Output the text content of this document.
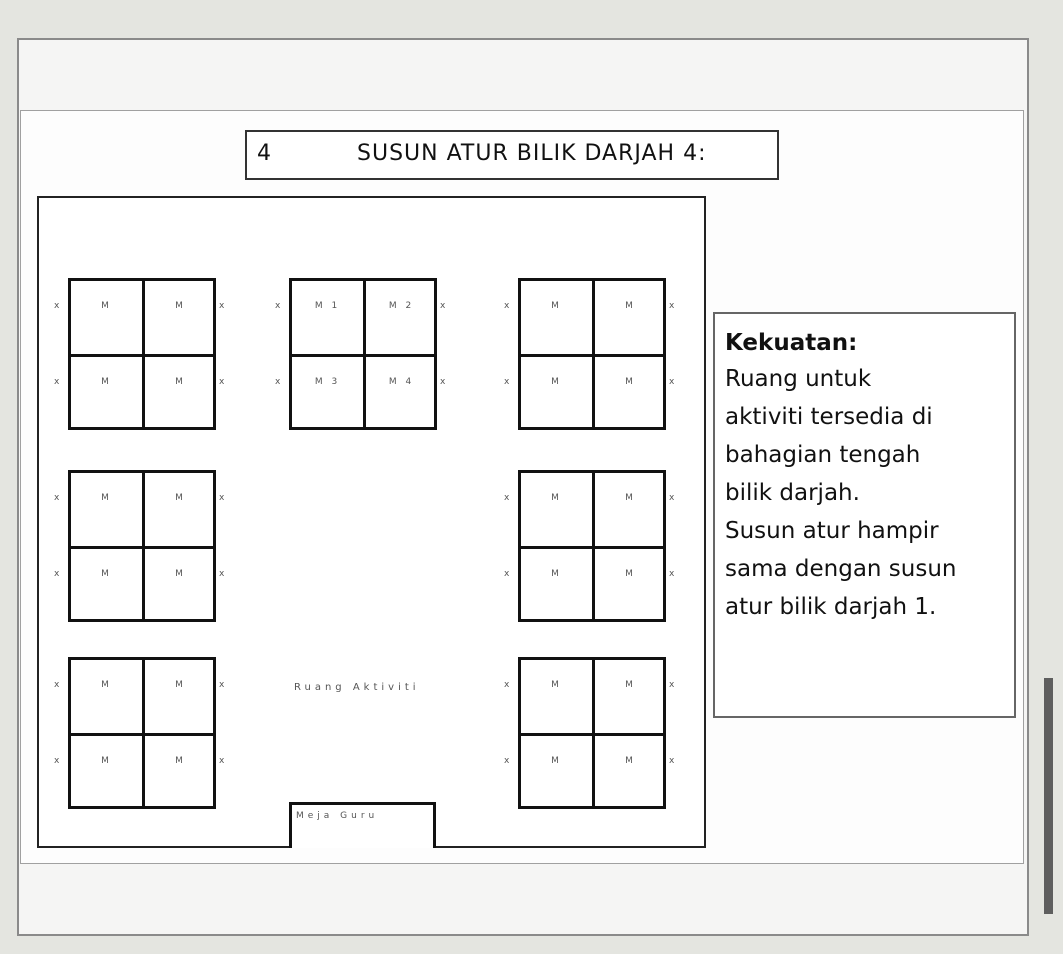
4	SUSUN ATUR BILIK DARJAH 4:
M	M
M	M
x
x
x
x
M 1	M 2
M 3	M 4
x
x
x
x
M	M
M	M
x
x
x
x
M	M
M	M
x
x
x
x
M	M
M	M
x
x
x
x
M	M
M	M
x
x
x
x
M	M
M	M
x
x
x
x
Ruang Aktiviti
Meja Guru
Kekuatan:
Ruang untuk
aktiviti tersedia di
bahagian tengah
bilik darjah.
Susun atur hampir
sama dengan susun
atur bilik darjah 1.
